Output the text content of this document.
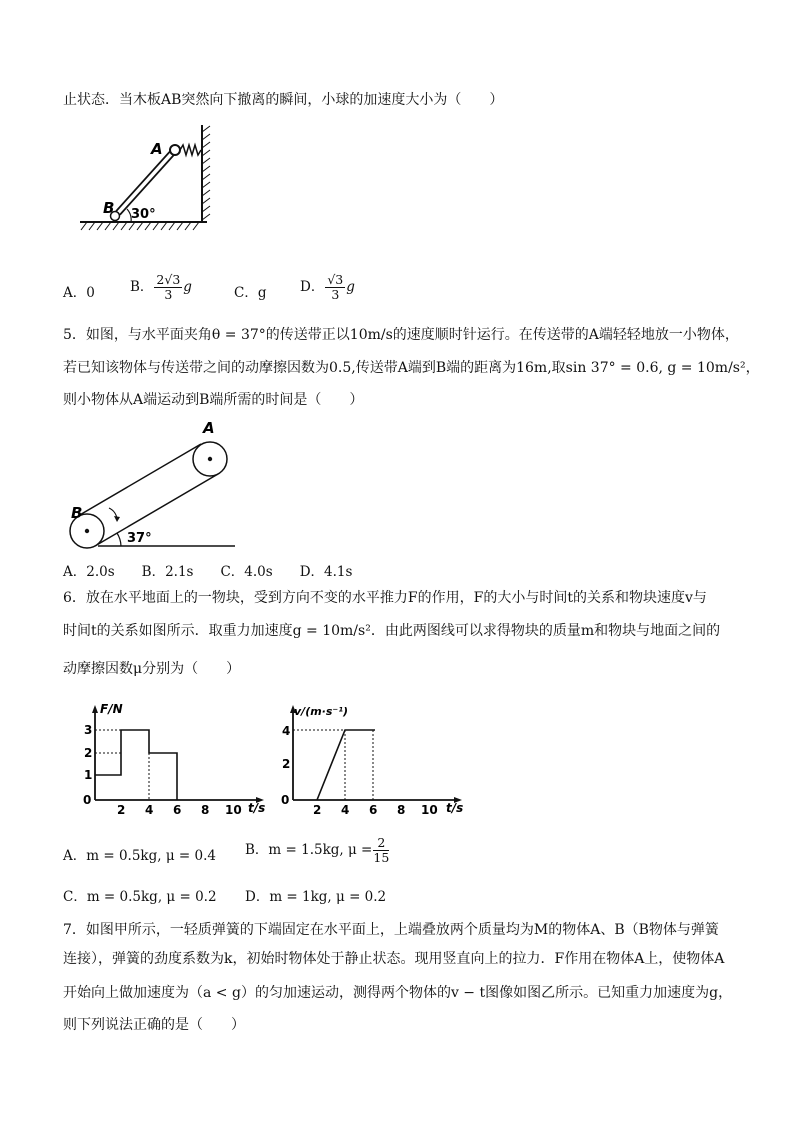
止状态．当木板AB突然向下撤离的瞬间，小球的加速度大小为（　　）
A
B 30°
A．0	B． $\frac{2√3}{3}$ g	C．g D． $\frac{√3}{3}$ g
5．如图，与水平面夹角θ = 37°的传送带正以10m/s的速度顺时针运行。在传送带的A端轻轻地放一小物体，
若已知该物体与传送带之间的动摩擦因数为0.5,传送带A端到B端的距离为16m,取sin 37° = 0.6, g = 10m/s²，
则小物体从A端运动到B端所需的时间是（　　）
A
B
37°
A．2.0s　　B．2.1s　　C．4.0s　　D．4.1s
6．放在水平地面上的一物块，受到方向不变的水平推力F的作用，F的大小与时间t的关系和物块速度v与
时间t的关系如图所示．取重力加速度g = 10m/s²．由此两图线可以求得物块的质量m和物块与地面之间的
动摩擦因数μ分别为（　　）
F/N
t/s
0
1
2
3
2 4 6 8 10
v/(m·s⁻¹)
t/s
0
2
4
2 4 6 8 10
A．m = 0.5kg, μ = 0.4 B．m = 1.5kg, $\mu = \frac{2}{15}$
C．m = 0.5kg, μ = 0.2 D．m = 1kg, μ = 0.2
7．如图甲所示，一轻质弹簧的下端固定在水平面上，上端叠放两个质量均为M的物体A、B（B物体与弹簧
连接），弹簧的劲度系数为k，初始时物体处于静止状态。现用竖直向上的拉力．F作用在物体A上，使物体A
开始向上做加速度为（a < g）的匀加速运动，测得两个物体的v − t图像如图乙所示。已知重力加速度为g，
则下列说法正确的是（　　）
